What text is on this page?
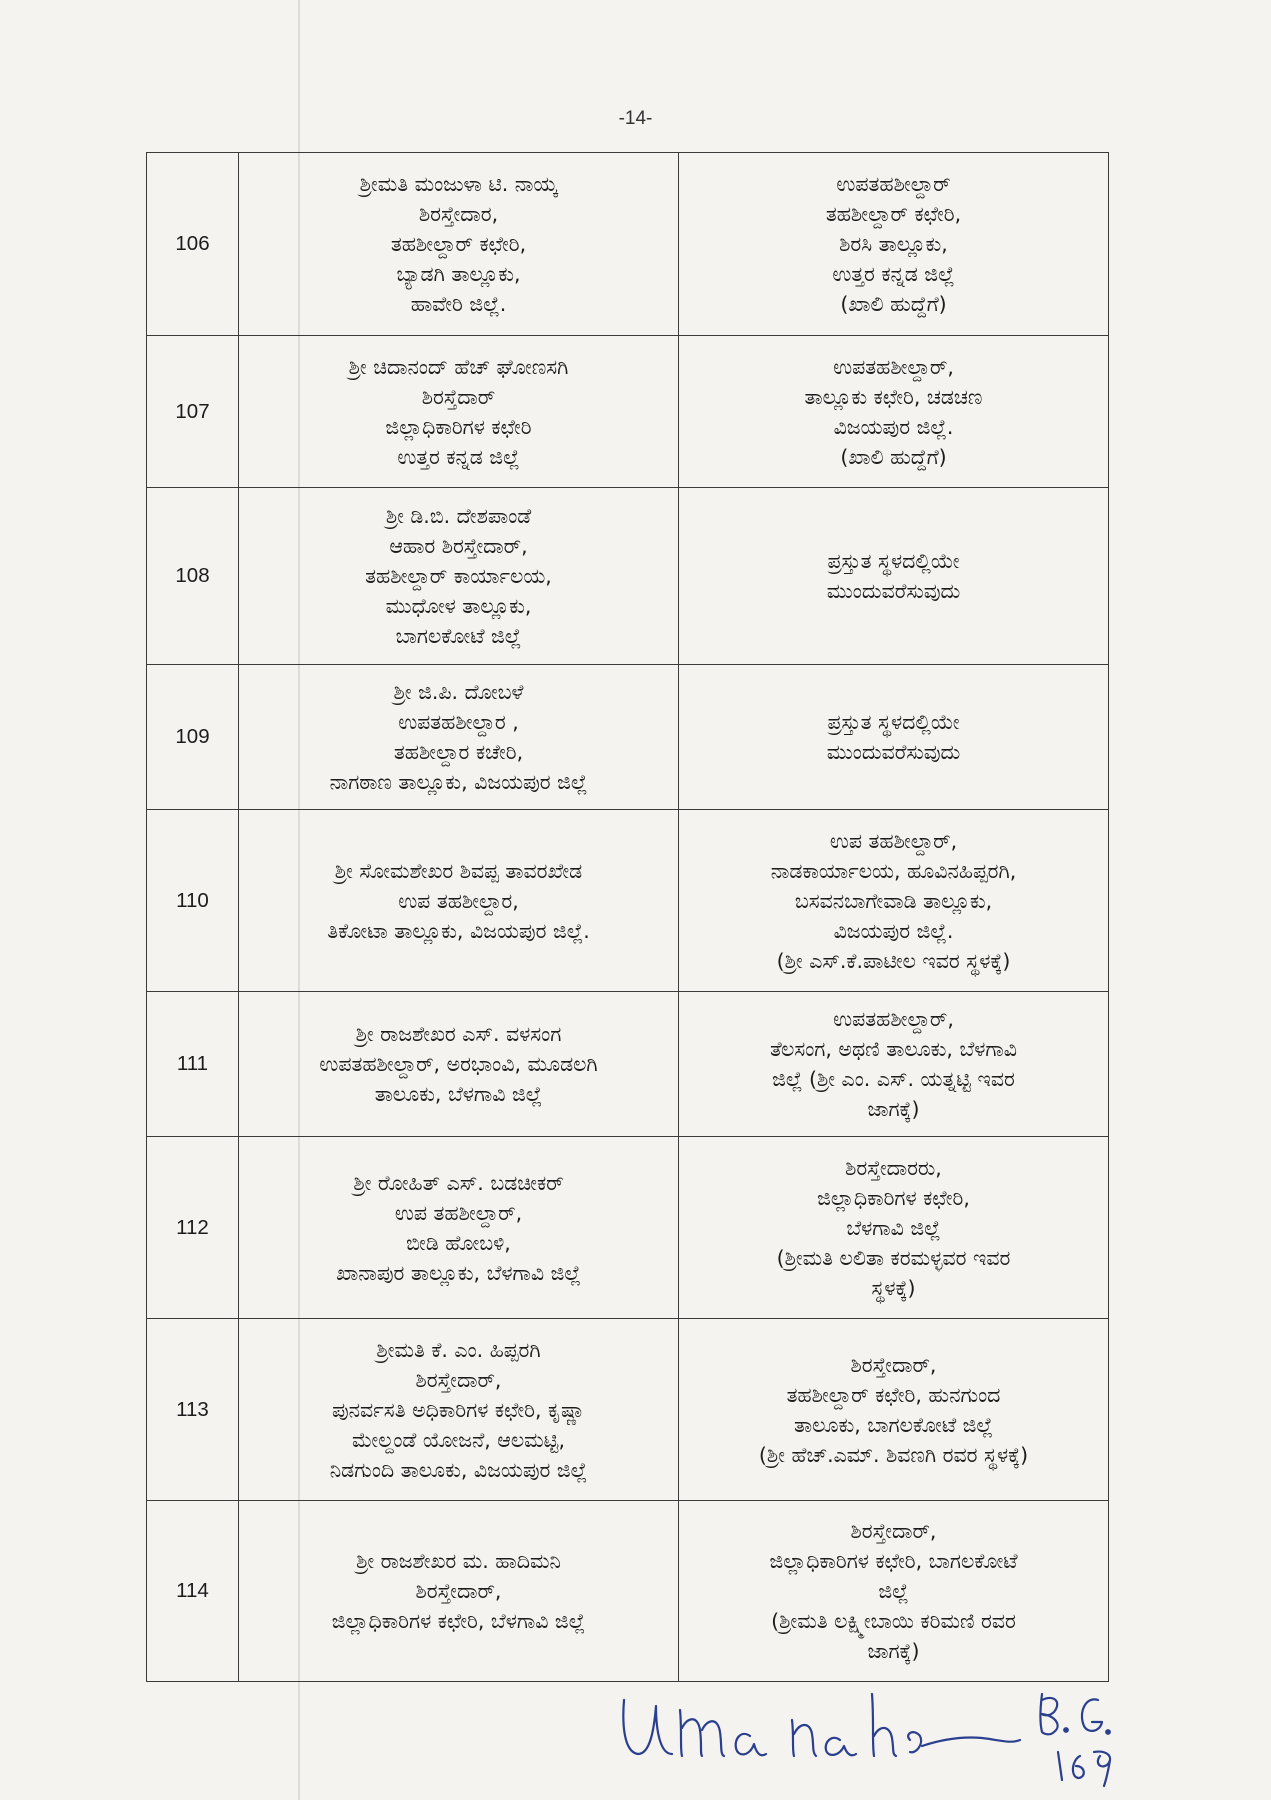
-14-
106	ಶ್ರೀಮತಿ ಮಂಜುಳಾ ಟಿ. ನಾಯ್ಕ
ಶಿರಸ್ತೇದಾರ,
ತಹಶೀಲ್ದಾರ್ ಕಛೇರಿ,
ಬ್ಯಾಡಗಿ ತಾಲ್ಲೂಕು,
ಹಾವೇರಿ ಜಿಲ್ಲೆ.	ಉಪತಹಶೀಲ್ದಾರ್
ತಹಶೀಲ್ದಾರ್ ಕಛೇರಿ,
ಶಿರಸಿ ತಾಲ್ಲೂಕು,
ಉತ್ತರ ಕನ್ನಡ ಜಿಲ್ಲೆ
(ಖಾಲಿ ಹುದ್ದೆಗೆ)

107	ಶ್ರೀ ಚಿದಾನಂದ್ ಹೆಚ್ ಘೋಣಸಗಿ
ಶಿರಸ್ತೆದಾರ್
ಜಿಲ್ಲಾಧಿಕಾರಿಗಳ ಕಛೇರಿ
ಉತ್ತರ ಕನ್ನಡ ಜಿಲ್ಲೆ	ಉಪತಹಶೀಲ್ದಾರ್,
ತಾಲ್ಲೂಕು ಕಛೇರಿ, ಚಡಚಣ
ವಿಜಯಪುರ ಜಿಲ್ಲೆ.
(ಖಾಲಿ ಹುದ್ದೆಗೆ)

108	ಶ್ರೀ ಡಿ.ಬಿ. ದೇಶಪಾಂಡೆ
ಆಹಾರ ಶಿರಸ್ತೇದಾರ್,
ತಹಶೀಲ್ದಾರ್ ಕಾರ್ಯಾಲಯ,
ಮುಧೋಳ ತಾಲ್ಲೂಕು,
ಬಾಗಲಕೋಟೆ ಜಿಲ್ಲೆ	ಪ್ರಸ್ತುತ ಸ್ಥಳದಲ್ಲಿಯೇ
ಮುಂದುವರೆಸುವುದು

109	ಶ್ರೀ ಜಿ.ಪಿ. ದೋಬಳೆ
ಉಪತಹಶೀಲ್ದಾರ ,
ತಹಶೀಲ್ದಾರ ಕಚೇರಿ,
ನಾಗಠಾಣ ತಾಲ್ಲೂಕು, ವಿಜಯಪುರ ಜಿಲ್ಲೆ	ಪ್ರಸ್ತುತ ಸ್ಥಳದಲ್ಲಿಯೇ
ಮುಂದುವರೆಸುವುದು

110	ಶ್ರೀ ಸೋಮಶೇಖರ ಶಿವಪ್ಪ ತಾವರಖೇಡ
ಉಪ ತಹಶೀಲ್ದಾರ,
ತಿಕೋಟಾ ತಾಲ್ಲೂಕು, ವಿಜಯಪುರ ಜಿಲ್ಲೆ.	ಉಪ ತಹಶೀಲ್ದಾರ್,
ನಾಡಕಾರ್ಯಾಲಯ, ಹೂವಿನಹಿಪ್ಪರಗಿ,
ಬಸವನಬಾಗೇವಾಡಿ ತಾಲ್ಲೂಕು,
ವಿಜಯಪುರ ಜಿಲ್ಲೆ.
(ಶ್ರೀ ಎಸ್.ಕೆ.ಪಾಟೀಲ ಇವರ ಸ್ಥಳಕ್ಕೆ)

111	ಶ್ರೀ ರಾಜಶೇಖರ ಎಸ್. ವಳಸಂಗ
ಉಪತಹಶೀಲ್ದಾರ್, ಅರಭಾಂವಿ, ಮೂಡಲಗಿ
ತಾಲೂಕು, ಬೆಳಗಾವಿ ಜಿಲ್ಲೆ	ಉಪತಹಶೀಲ್ದಾರ್,
ತೆಲಸಂಗ, ಅಥಣಿ ತಾಲೂಕು, ಬೆಳಗಾವಿ
ಜಿಲ್ಲೆ (ಶ್ರೀ ಎಂ. ಎಸ್. ಯತ್ನಟ್ಟಿ ಇವರ
ಜಾಗಕ್ಕೆ)

112	ಶ್ರೀ ರೋಹಿತ್ ಎಸ್. ಬಡಚೀಕರ್
ಉಪ ತಹಶೀಲ್ದಾರ್,
ಬೀಡಿ ಹೋಬಳಿ,
ಖಾನಾಪುರ ತಾಲ್ಲೂಕು, ಬೆಳಗಾವಿ ಜಿಲ್ಲೆ	ಶಿರಸ್ತೇದಾರರು,
ಜಿಲ್ಲಾಧಿಕಾರಿಗಳ ಕಛೇರಿ,
ಬೆಳಗಾವಿ ಜಿಲ್ಲೆ
(ಶ್ರೀಮತಿ ಲಲಿತಾ ಕರಮಳ್ಳವರ ಇವರ
ಸ್ಥಳಕ್ಕೆ)

113	ಶ್ರೀಮತಿ ಕೆ. ಎಂ. ಹಿಪ್ಪರಗಿ
ಶಿರಸ್ತೇದಾರ್,
ಪುನರ್ವಸತಿ ಅಧಿಕಾರಿಗಳ ಕಛೇರಿ, ಕೃಷ್ಣಾ
ಮೇಲ್ದಂಡೆ ಯೋಜನೆ, ಆಲಮಟ್ಟಿ,
ನಿಡಗುಂದಿ ತಾಲೂಕು, ವಿಜಯಪುರ ಜಿಲ್ಲೆ	ಶಿರಸ್ತೇದಾರ್,
ತಹಶೀಲ್ದಾರ್ ಕಛೇರಿ, ಹುನಗುಂದ
ತಾಲೂಕು, ಬಾಗಲಕೋಟೆ ಜಿಲ್ಲೆ
(ಶ್ರೀ ಹೆಚ್.ಎಮ್. ಶಿವಣಗಿ ರವರ ಸ್ಥಳಕ್ಕೆ)

114	ಶ್ರೀ ರಾಜಶೇಖರ ಮ. ಹಾದಿಮನಿ
ಶಿರಸ್ತೇದಾರ್,
ಜಿಲ್ಲಾಧಿಕಾರಿಗಳ ಕಛೇರಿ, ಬೆಳಗಾವಿ ಜಿಲ್ಲೆ	ಶಿರಸ್ತೇದಾರ್,
ಜಿಲ್ಲಾಧಿಕಾರಿಗಳ ಕಛೇರಿ, ಬಾಗಲಕೋಟೆ
ಜಿಲ್ಲೆ
(ಶ್ರೀಮತಿ ಲಕ್ಷ್ಮೀಬಾಯಿ ಕರಿಮಣಿ ರವರ
ಜಾಗಕ್ಕೆ)
